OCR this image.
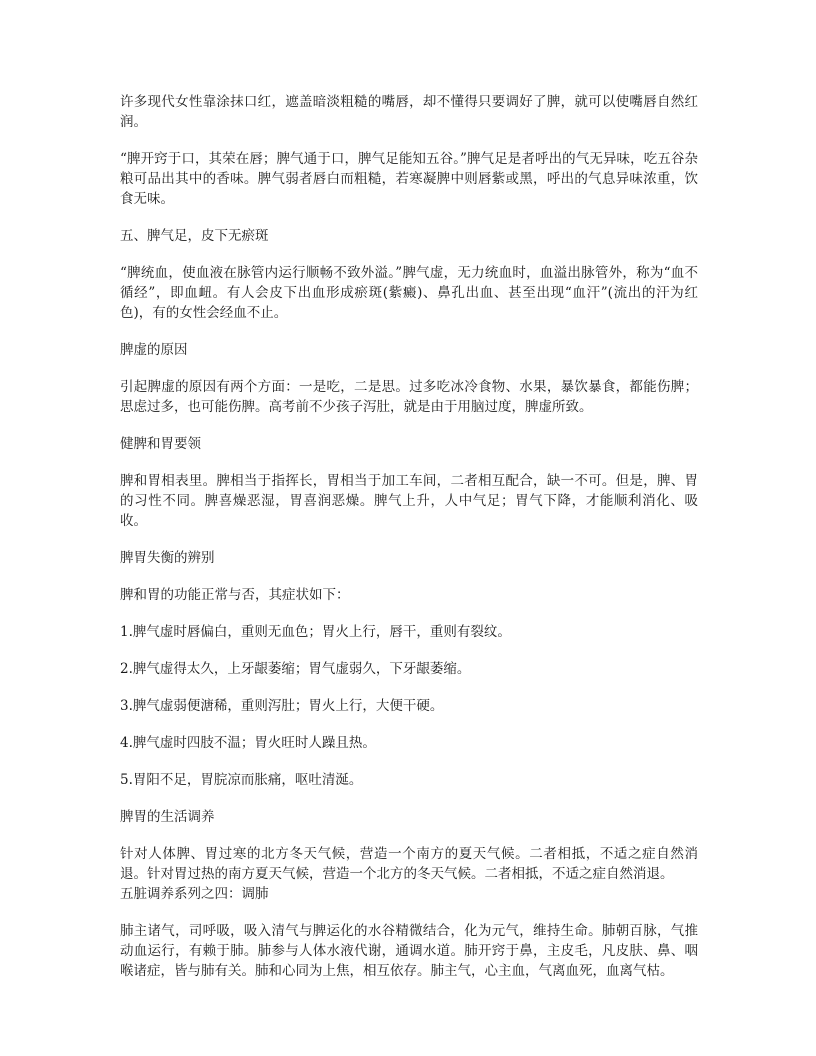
许多现代女性靠涂抹口红，遮盖暗淡粗糙的嘴唇，却不懂得只要调好了脾，就可以使嘴唇自然红润。

“脾开窍于口，其荣在唇；脾气通于口，脾气足能知五谷。”脾气足是者呼出的气无异味，吃五谷杂粮可品出其中的香味。脾气弱者唇白而粗糙，若寒凝脾中则唇紫或黑，呼出的气息异味浓重，饮食无味。

五、脾气足，皮下无瘀斑

“脾统血，使血液在脉管内运行顺畅不致外溢。”脾气虚，无力统血时，血溢出脉管外，称为“血不循经”，即血衄。有人会皮下出血形成瘀斑(紫癜)、鼻孔出血、甚至出现“血汗”(流出的汗为红色)，有的女性会经血不止。

脾虚的原因

引起脾虚的原因有两个方面：一是吃，二是思。过多吃冰冷食物、水果，暴饮暴食，都能伤脾；思虑过多，也可能伤脾。高考前不少孩子泻肚，就是由于用脑过度，脾虚所致。

健脾和胃要领

脾和胃相表里。脾相当于指挥长，胃相当于加工车间，二者相互配合，缺一不可。但是，脾、胃的习性不同。脾喜燥恶湿，胃喜润恶燥。脾气上升，人中气足；胃气下降，才能顺利消化、吸收。

脾胃失衡的辨别

脾和胃的功能正常与否，其症状如下：

1.脾气虚时唇偏白，重则无血色；胃火上行，唇干，重则有裂纹。

2.脾气虚得太久，上牙龈萎缩；胃气虚弱久，下牙龈萎缩。

3.脾气虚弱便溏稀，重则泻肚；胃火上行，大便干硬。

4.脾气虚时四肢不温；胃火旺时人躁且热。

5.胃阳不足，胃脘凉而胀痛，呕吐清涎。

脾胃的生活调养

针对人体脾、胃过寒的北方冬天气候，营造一个南方的夏天气候。二者相抵，不适之症自然消退。针对胃过热的南方夏天气候，营造一个北方的冬天气候。二者相抵，不适之症自然消退。

五脏调养系列之四：调肺

肺主诸气，司呼吸，吸入清气与脾运化的水谷精微结合，化为元气，维持生命。肺朝百脉，气推动血运行，有赖于肺。肺参与人体水液代谢，通调水道。肺开窍于鼻，主皮毛，凡皮肤、鼻、咽喉诸症，皆与肺有关。肺和心同为上焦，相互依存。肺主气，心主血，气离血死，血离气枯。
